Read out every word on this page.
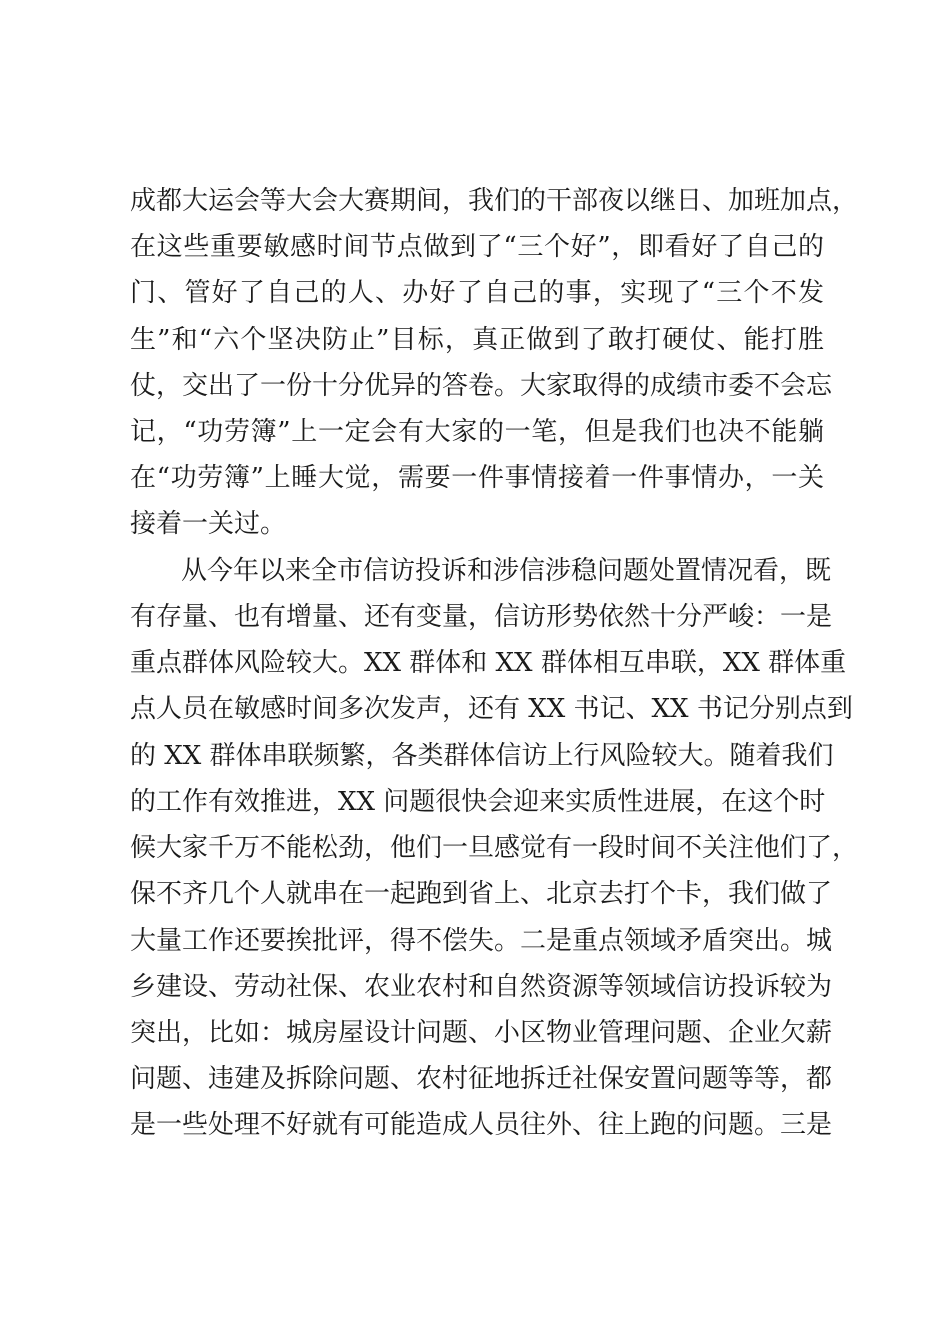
成都大运会等大会大赛期间，我们的干部夜以继日、加班加点，
在这些重要敏感时间节点做到了“三个好”，即看好了自己的
门、管好了自己的人、办好了自己的事，实现了“三个不发
生”和“六个坚决防止”目标，真正做到了敢打硬仗、能打胜
仗，交出了一份十分优异的答卷。大家取得的成绩市委不会忘
记，“功劳簿”上一定会有大家的一笔，但是我们也决不能躺
在“功劳簿”上睡大觉，需要一件事情接着一件事情办，一关
接着一关过。
从今年以来全市信访投诉和涉信涉稳问题处置情况看，既
有存量、也有增量、还有变量，信访形势依然十分严峻：一是
重点群体风险较大。XX 群体和 XX 群体相互串联，XX 群体重
点人员在敏感时间多次发声，还有 XX 书记、XX 书记分别点到
的 XX 群体串联频繁，各类群体信访上行风险较大。随着我们
的工作有效推进，XX 问题很快会迎来实质性进展，在这个时
候大家千万不能松劲，他们一旦感觉有一段时间不关注他们了，
保不齐几个人就串在一起跑到省上、北京去打个卡，我们做了
大量工作还要挨批评，得不偿失。二是重点领域矛盾突出。城
乡建设、劳动社保、农业农村和自然资源等领域信访投诉较为
突出，比如：城房屋设计问题、小区物业管理问题、企业欠薪
问题、违建及拆除问题、农村征地拆迁社保安置问题等等，都
是一些处理不好就有可能造成人员往外、往上跑的问题。三是
